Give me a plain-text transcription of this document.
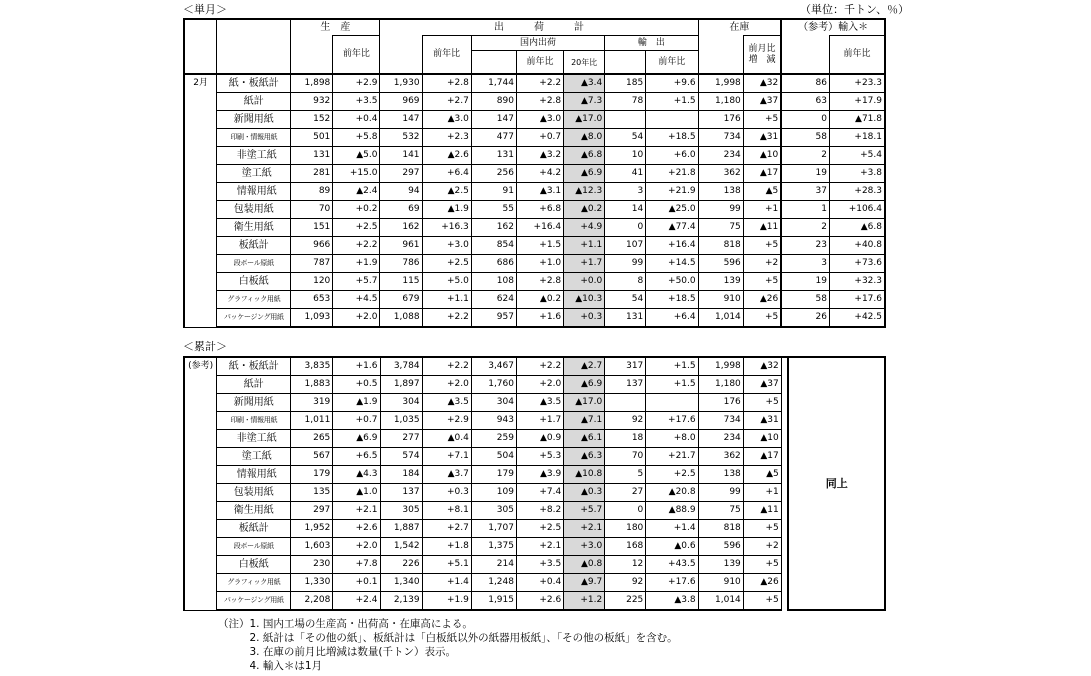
＜単月＞	（単位：千トン、％）
		生　産		出　　　荷　　　計							在庫		（参考）輸入＊	
			前年比		前年比	国内出荷			輸　出			前月比増　減		前年比
							前年比	20年比		前年比				
2月	紙・板紙計	1,898	+2.9	1,930	+2.8	1,744	+2.2	▲3.4	185	+9.6	1,998	▲32	86	+23.3
	紙計	932	+3.5	969	+2.7	890	+2.8	▲7.3	78	+1.5	1,180	▲37	63	+17.9
	新聞用紙	152	+0.4	147	▲3.0	147	▲3.0	▲17.0			176	+5	0	▲71.8
	印刷・情報用紙	501	+5.8	532	+2.3	477	+0.7	▲8.0	54	+18.5	734	▲31	58	+18.1
	非塗工紙	131	▲5.0	141	▲2.6	131	▲3.2	▲6.8	10	+6.0	234	▲10	2	+5.4
	塗工紙	281	+15.0	297	+6.4	256	+4.2	▲6.9	41	+21.8	362	▲17	19	+3.8
	情報用紙	89	▲2.4	94	▲2.5	91	▲3.1	▲12.3	3	+21.9	138	▲5	37	+28.3
	包装用紙	70	+0.2	69	▲1.9	55	+6.8	▲0.2	14	▲25.0	99	+1	1	+106.4
	衛生用紙	151	+2.5	162	+16.3	162	+16.4	+4.9	0	▲77.4	75	▲11	2	▲6.8
	板紙計	966	+2.2	961	+3.0	854	+1.5	+1.1	107	+16.4	818	+5	23	+40.8
	段ボール原紙	787	+1.9	786	+2.5	686	+1.0	+1.7	99	+14.5	596	+2	3	+73.6
	白板紙	120	+5.7	115	+5.0	108	+2.8	+0.0	8	+50.0	139	+5	19	+32.3
	グラフィック用紙	653	+4.5	679	+1.1	624	▲0.2	▲10.3	54	+18.5	910	▲26	58	+17.6
	パッケージング用紙	1,093	+2.0	1,088	+2.2	957	+1.6	+0.3	131	+6.4	1,014	+5	26	+42.5
＜累計＞
(参考)	紙・板紙計	3,835	+1.6	3,784	+2.2	3,467	+2.2	▲2.7	317	+1.5	1,998	▲32		同上
	紙計	1,883	+0.5	1,897	+2.0	1,760	+2.0	▲6.9	137	+1.5	1,180	▲37		
	新聞用紙	319	▲1.9	304	▲3.5	304	▲3.5	▲17.0			176	+5		
	印刷・情報用紙	1,011	+0.7	1,035	+2.9	943	+1.7	▲7.1	92	+17.6	734	▲31		
	非塗工紙	265	▲6.9	277	▲0.4	259	▲0.9	▲6.1	18	+8.0	234	▲10		
	塗工紙	567	+6.5	574	+7.1	504	+5.3	▲6.3	70	+21.7	362	▲17		
	情報用紙	179	▲4.3	184	▲3.7	179	▲3.9	▲10.8	5	+2.5	138	▲5		
	包装用紙	135	▲1.0	137	+0.3	109	+7.4	▲0.3	27	▲20.8	99	+1		
	衛生用紙	297	+2.1	305	+8.1	305	+8.2	+5.7	0	▲88.9	75	▲11		
	板紙計	1,952	+2.6	1,887	+2.7	1,707	+2.5	+2.1	180	+1.4	818	+5		
	段ボール原紙	1,603	+2.0	1,542	+1.8	1,375	+2.1	+3.0	168	▲0.6	596	+2		
	白板紙	230	+7.8	226	+5.1	214	+3.5	▲0.8	12	+43.5	139	+5		
	グラフィック用紙	1,330	+0.1	1,340	+1.4	1,248	+0.4	▲9.7	92	+17.6	910	▲26		
	パッケージング用紙	2,208	+2.4	2,139	+1.9	1,915	+2.6	+1.2	225	▲3.8	1,014	+5		
（注）1. 国内工場の生産高・出荷高・在庫高による。
　　　2. 紙計は「その他の紙」、板紙計は「白板紙以外の紙器用板紙」、「その他の板紙」を含む。
　　　3. 在庫の前月比増減は数量(千トン）表示。
　　　4. 輸入＊は1月
